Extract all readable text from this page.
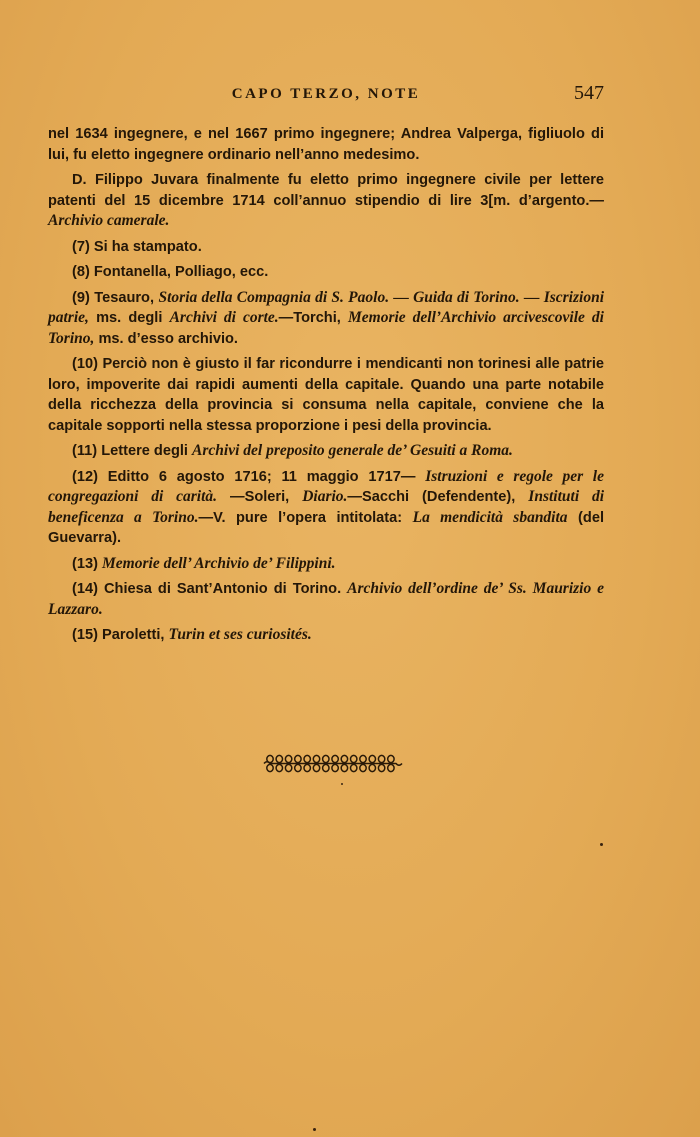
CAPO TERZO, NOTE	547

nel 1634 ingegnere, e nel 1667 primo ingegnere; Andrea Valperga, figliuolo di lui, fu eletto ingegnere ordinario nell’anno medesimo.

D. Filippo Juvara finalmente fu eletto primo ingegnere civile per lettere patenti del 15 dicembre 1714 coll’annuo stipendio di lire 3[m. d’argento.— Archivio camerale.

(7) Si ha stampato.

(8) Fontanella, Polliago, ecc.

(9) Tesauro, Storia della Compagnia di S. Paolo. — Guida di Torino. — Iscrizioni patrie, ms. degli Archivi di corte.—Torchi, Memorie dell’Archivio arcivescovile di Torino, ms. d’esso archivio.

(10) Perciò non è giusto il far ricondurre i mendicanti non torinesi alle patrie loro, impoverite dai rapidi aumenti della capitale. Quando una parte notabile della ricchezza della provincia si consuma nella capitale, conviene che la capitale sopporti nella stessa proporzione i pesi della provincia.

(11) Lettere degli Archivi del preposito generale de’ Gesuiti a Roma.

(12) Editto 6 agosto 1716; 11 maggio 1717— Istruzioni e regole per le congregazioni di carità. —Soleri, Diario.—Sacchi (Defendente), Instituti di beneficenza a Torino.—V. pure l’opera intitolata: La mendicità sbandita (del Guevarra).

(13) Memorie dell’ Archivio de’ Filippini.

(14) Chiesa di Sant’Antonio di Torino. Archivio dell’ordine de’ Ss. Maurizio e Lazzaro.

(15) Paroletti, Turin et ses curiosités.
